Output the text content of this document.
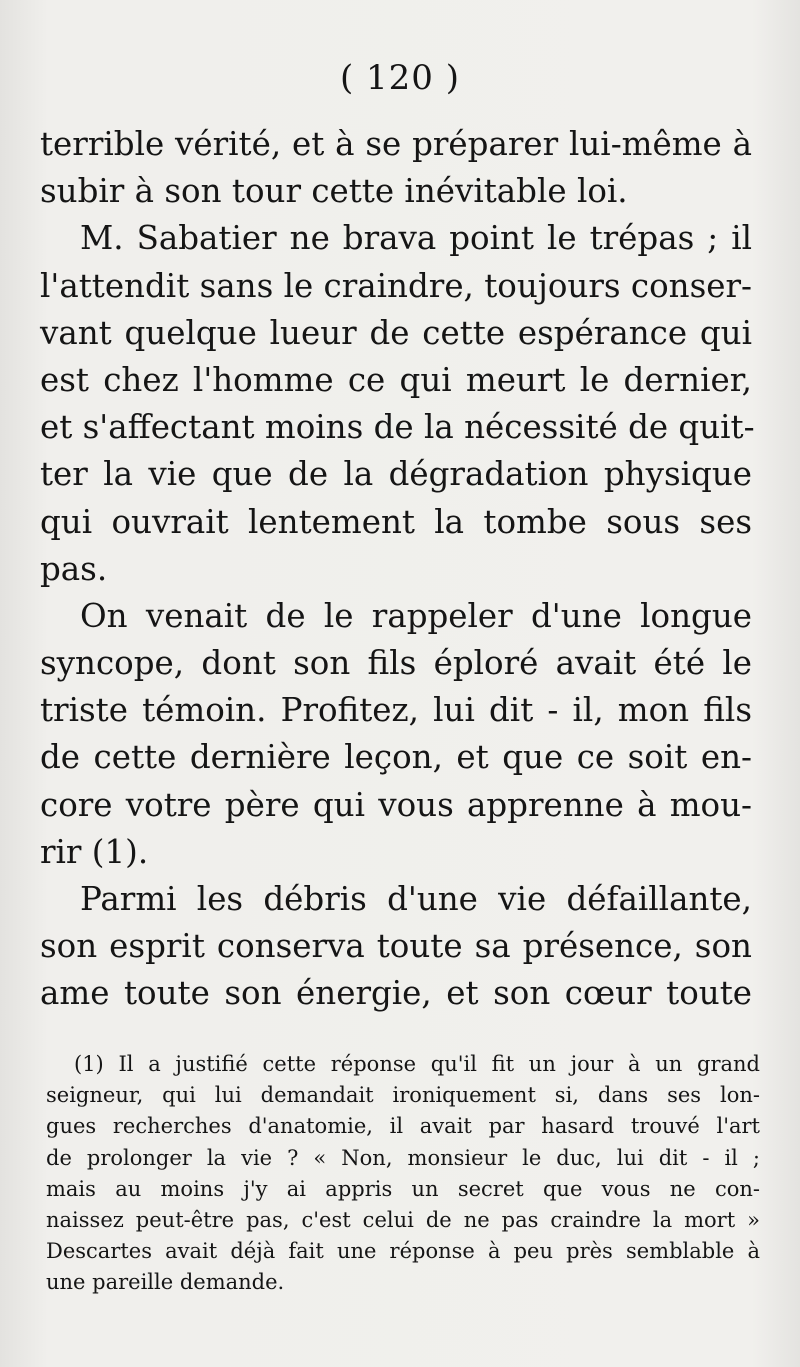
( 120 )
terrible vérité, et à se préparer lui-même à
subir à son tour cette inévitable loi.
M. Sabatier ne brava point le trépas ; il
l'attendit sans le craindre, toujours conser-
vant quelque lueur de cette espérance qui
est chez l'homme ce qui meurt le dernier,
et s'affectant moins de la nécessité de quit-
ter la vie que de la dégradation physique
qui ouvrait lentement la tombe sous ses
pas.
On venait de le rappeler d'une longue
syncope, dont son fils éploré avait été le
triste témoin. Profitez, lui dit - il, mon fils
de cette dernière leçon, et que ce soit en-
core votre père qui vous apprenne à mou-
rir (1).
Parmi les débris d'une vie défaillante,
son esprit conserva toute sa présence, son
ame toute son énergie, et son cœur toute
(1) Il a justifié cette réponse qu'il fit un jour à un grand
seigneur, qui lui demandait ironiquement si, dans ses lon-
gues recherches d'anatomie, il avait par hasard trouvé l'art
de prolonger la vie ? « Non, monsieur le duc, lui dit - il ;
mais au moins j'y ai appris un secret que vous ne con-
naissez peut-être pas, c'est celui de ne pas craindre la mort »
Descartes avait déjà fait une réponse à peu près semblable à
une pareille demande.
